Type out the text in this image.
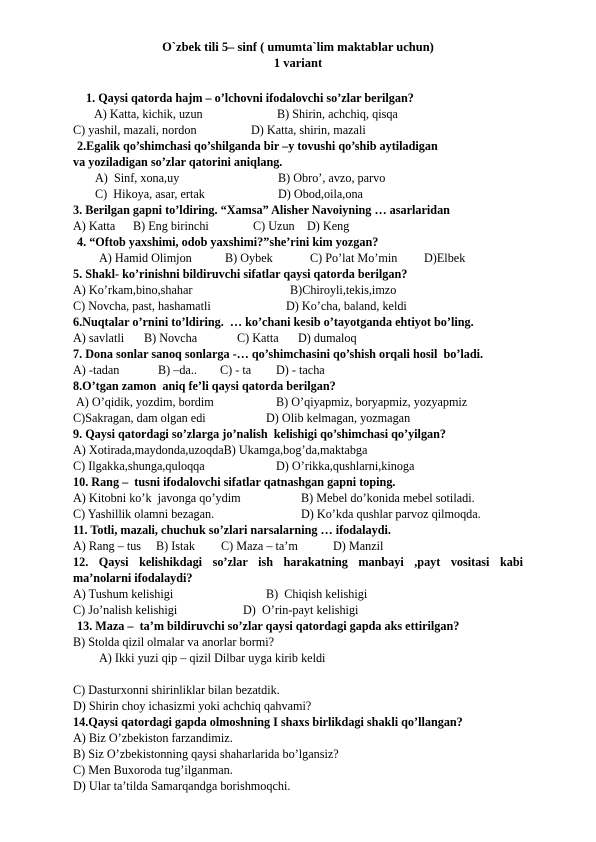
O`zbek tili 5– sinf ( umumta`lim maktablar uchun)
1 variant
1. Qaysi qatorda hajm – o’lchovni ifodalovchi so’zlar berilgan?
A) Katta, kichik, uzun	B) Shirin, achchiq, qisqa
C) yashil, mazali, nordon	D) Katta, shirin, mazali
2.Egalik qo’shimchasi qo’shilganda bir –y tovushi qo’shib aytiladigan
va yoziladigan so’zlar qatorini aniqlang.
A)  Sinf, xona,uy	B) Obro’, avzo, parvo
C)  Hikoya, asar, ertak	D) Obod,oila,ona
3. Berilgan gapni to’ldiring. “Xamsa” Alisher Navoiyning … asarlaridan
A) Katta B) Eng birinchi	C) Uzun D) Keng
4. “Oftob yaxshimi, odob yaxshimi?”she’rini kim yozgan?
A) Hamid Olimjon	B) Oybek	C) Po’lat Mo’min D)Elbek
5. Shakl- ko’rinishni bildiruvchi sifatlar qaysi qatorda berilgan?
A) Ko’rkam,bino,shahar	B)Chiroyli,tekis,imzo
C) Novcha, past, hashamatli	D) Ko’cha, baland, keldi
6.Nuqtalar o’rnini to’ldiring.  … ko’chani kesib o’tayotganda ehtiyot bo’ling.
A) savlatli B) Novcha	C) Katta D) dumaloq
7. Dona sonlar sanoq sonlarga -… qo’shimchasini qo’shish orqali hosil  bo’ladi.
A) -tadan	B) –da.. C) - ta D) - tacha
8.O’tgan zamon  aniq fe’li qaysi qatorda berilgan?
A) O’qidik, yozdim, bordim	B) O’qiyapmiz, boryapmiz, yozyapmiz
C)Sakragan, dam olgan edi	D) Olib kelmagan, yozmagan
9. Qaysi qatordagi so’zlarga jo’nalish  kelishigi qo’shimchasi qo’yilgan?
A) Xotirada,maydonda,uzoqdaB) Ukamga,bog’da,maktabga
C) Ilgakka,shunga,quloqqa	D) O’rikka,qushlarni,kinoga
10. Rang –  tusni ifodalovchi sifatlar qatnashgan gapni toping.
A) Kitobni ko’k  javonga qo’ydim	B) Mebel do’konida mebel sotiladi.
C) Yashillik olamni bezagan.	D) Ko’kda qushlar parvoz qilmoqda.
11. Totli, mazali, chuchuk so’zlari narsalarning … ifodalaydi.
A) Rang – tus B) Istak C) Maza – ta’m	D) Manzil
12. Qaysi kelishikdagi so’zlar ish harakatning manbayi ,payt vositasi kabi
ma’nolarni ifodalaydi?
A) Tushum kelishigi	B)  Chiqish kelishigi
C) Jo’nalish kelishigi	D)  O’rin-payt kelishigi
13. Maza –  ta’m bildiruvchi so’zlar qaysi qatordagi gapda aks ettirilgan?
B) Stolda qizil olmalar va anorlar bormi?
A) Ikki yuzi qip – qizil Dilbar uyga kirib keldi
C) Dasturxonni shirinliklar bilan bezatdik.
D) Shirin choy ichasizmi yoki achchiq qahvami?
14.Qaysi qatordagi gapda olmoshning I shaxs birlikdagi shakli qo’llangan?
A) Biz O’zbekiston farzandimiz.
B) Siz O’zbekistonning qaysi shaharlarida bo’lgansiz?
C) Men Buxoroda tug’ilganman.
D) Ular ta’tilda Samarqandga borishmoqchi.
